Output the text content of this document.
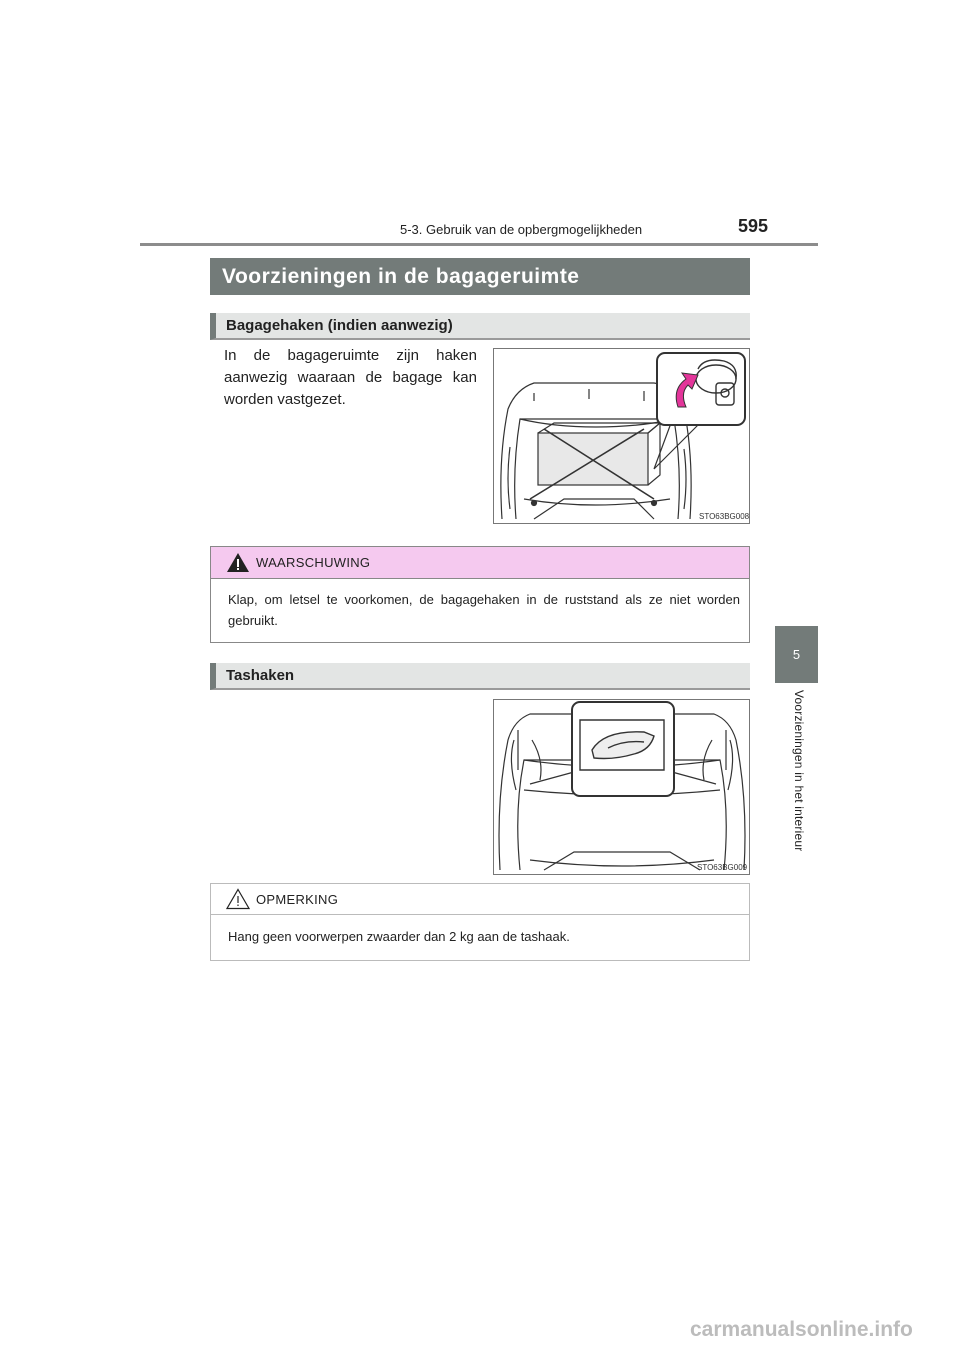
5-3. Gebruik van de opbergmogelijkheden	595
5
Voorzieningen in het interieur
Voorzieningen in de bagageruimte
Bagagehaken (indien aanwezig)
In de bagageruimte zijn haken aanwezig waaraan de bagage kan worden vastgezet.
STO63BG008
WAARSCHUWING
Klap, om letsel te voorkomen, de bagagehaken in de ruststand als ze niet worden gebruikt.
Tashaken
STO63BG009
OPMERKING
Hang geen voorwerpen zwaarder dan 2 kg aan de tashaak.
carmanualsonline.info
